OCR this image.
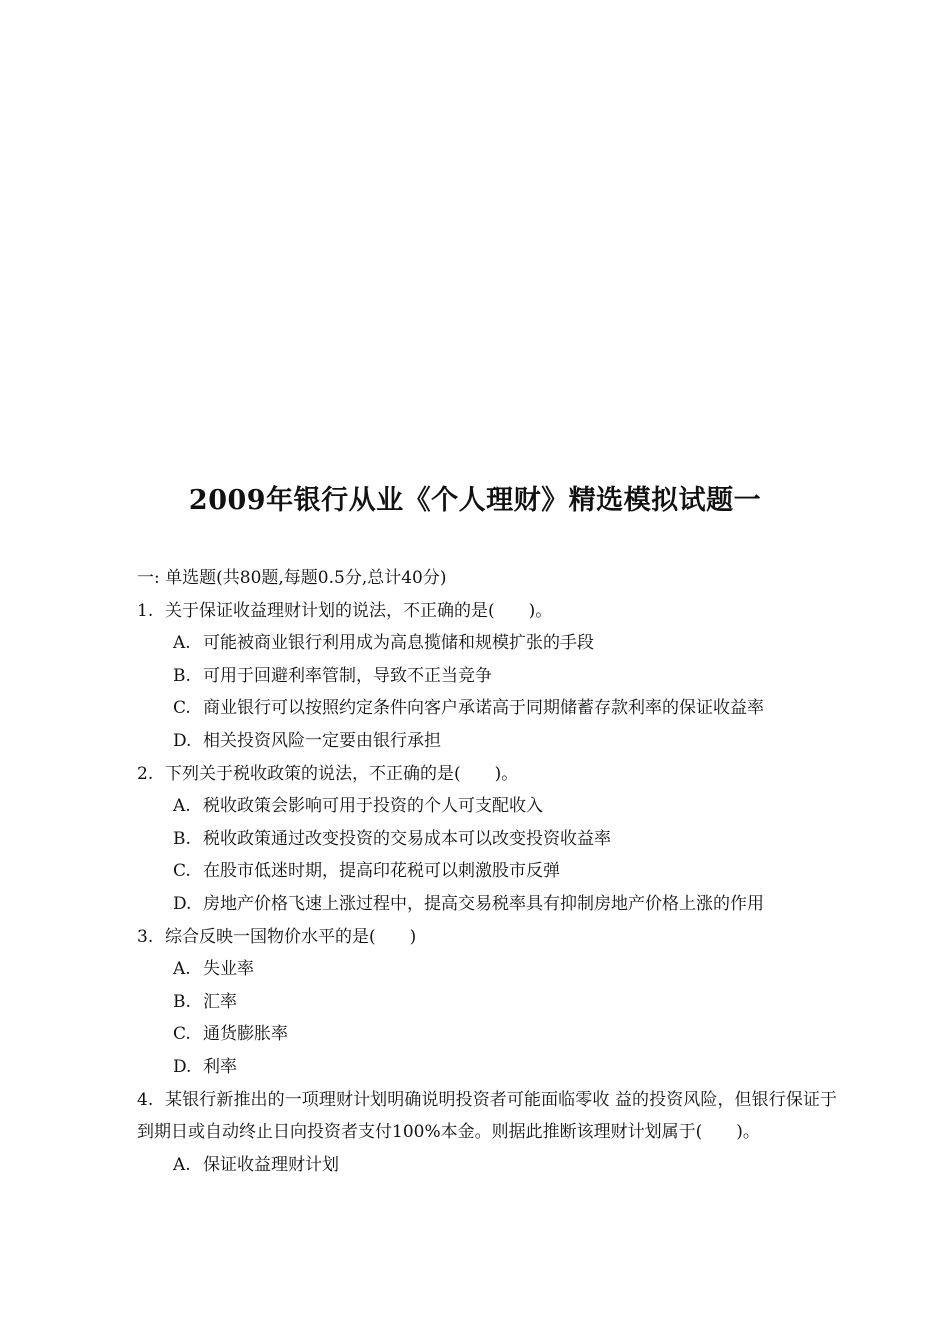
2009年银行从业《个人理财》精选模拟试题一
一: 单选题(共80题,每题0.5分,总计40分)
1. 关于保证收益理财计划的说法，不正确的是(　　)。
A. 可能被商业银行利用成为高息揽储和规模扩张的手段
B. 可用于回避利率管制，导致不正当竞争
C. 商业银行可以按照约定条件向客户承诺高于同期储蓄存款利率的保证收益率
D. 相关投资风险一定要由银行承担
2. 下列关于税收政策的说法，不正确的是(　　)。
A. 税收政策会影响可用于投资的个人可支配收入
B. 税收政策通过改变投资的交易成本可以改变投资收益率
C. 在股市低迷时期，提高印花税可以刺激股市反弹
D. 房地产价格飞速上涨过程中，提高交易税率具有抑制房地产价格上涨的作用
3. 综合反映一国物价水平的是(　　)
A. 失业率
B. 汇率
C. 通货膨胀率
D. 利率
4. 某银行新推出的一项理财计划明确说明投资者可能面临零收 益的投资风险，但银行保证于到期日或自动终止日向投资者支付100%本金。则据此推断该理财计划属于(　　)。
A. 保证收益理财计划
